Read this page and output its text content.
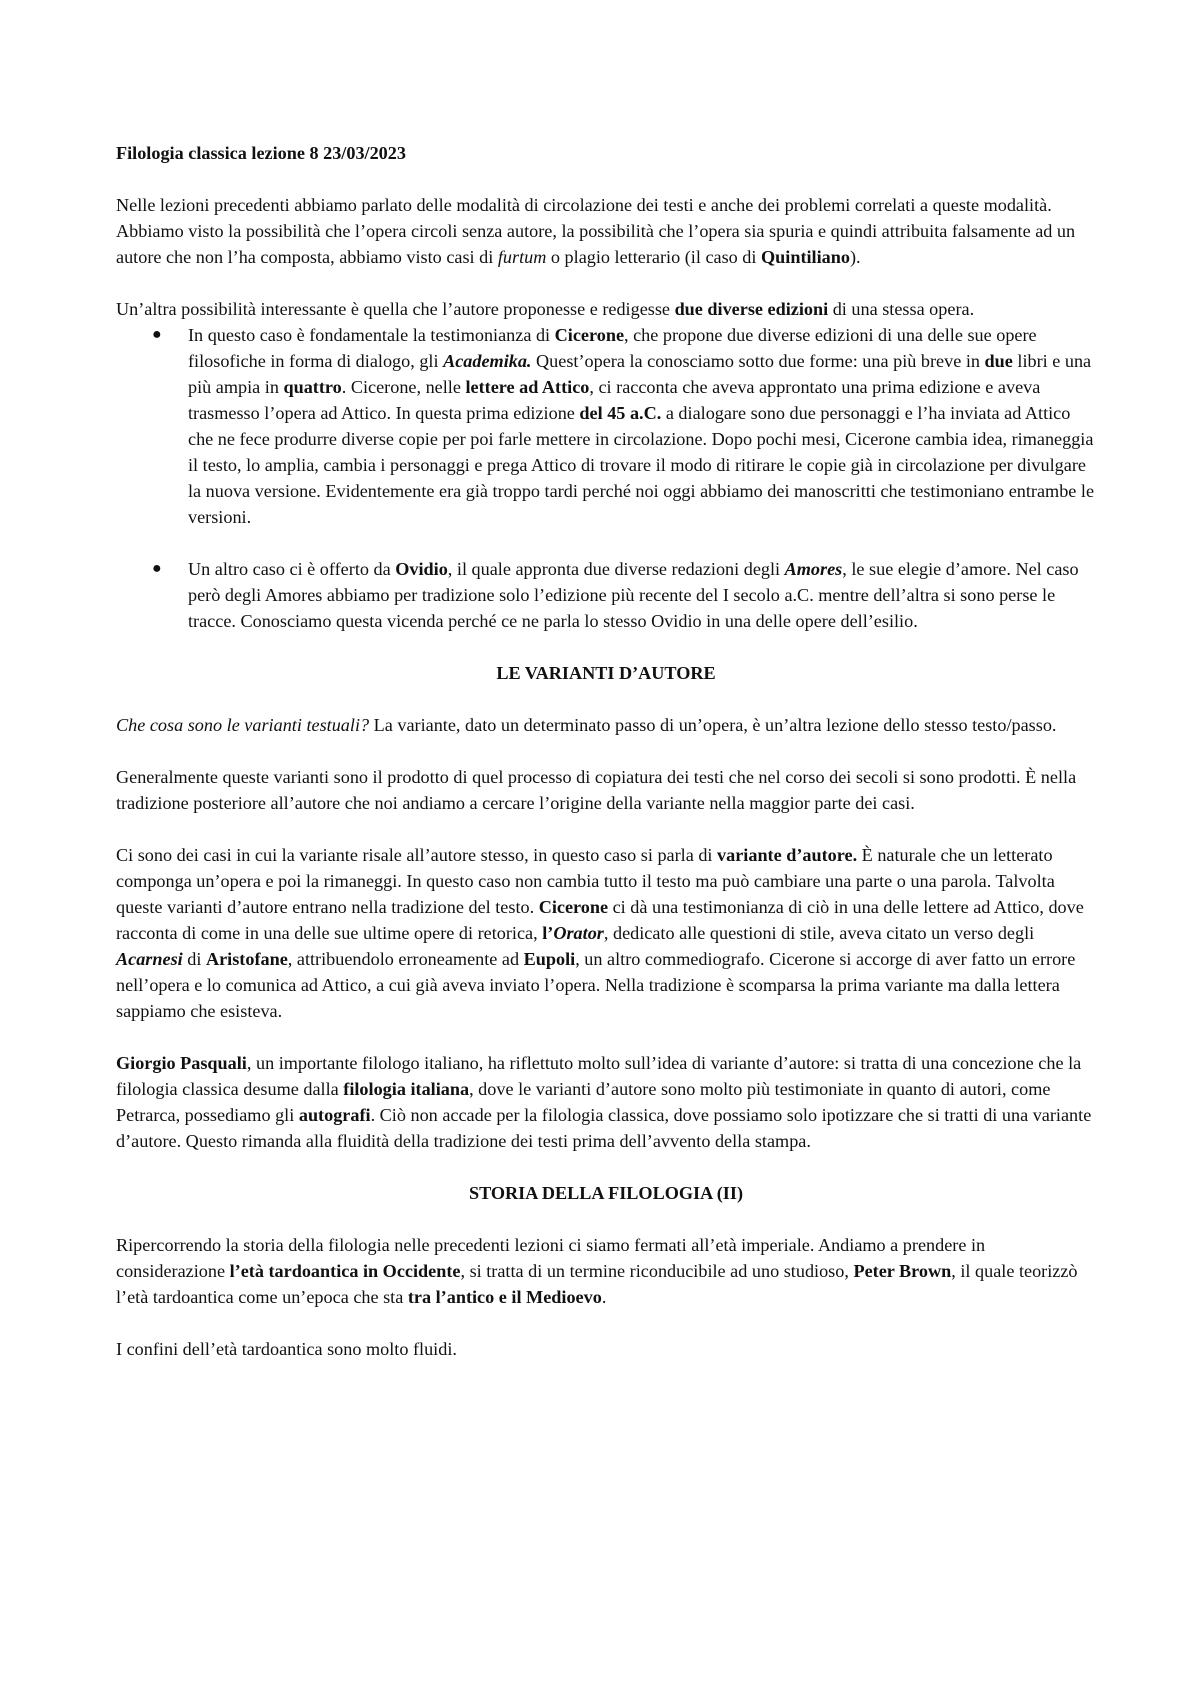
Filologia classica lezione 8 23/03/2023

Nelle lezioni precedenti abbiamo parlato delle modalità di circolazione dei testi e anche dei problemi correlati a queste modalità. Abbiamo visto la possibilità che l’opera circoli senza autore, la possibilità che l’opera sia spuria e quindi attribuita falsamente ad un autore che non l’ha composta, abbiamo visto casi di furtum o plagio letterario (il caso di Quintiliano).

Un’altra possibilità interessante è quella che l’autore proponesse e redigesse due diverse edizioni di una stessa opera.

● In questo caso è fondamentale la testimonianza di Cicerone, che propone due diverse edizioni di una delle sue opere filosofiche in forma di dialogo, gli Academika. Quest’opera la conosciamo sotto due forme: una più breve in due libri e una più ampia in quattro. Cicerone, nelle lettere ad Attico, ci racconta che aveva approntato una prima edizione e aveva trasmesso l’opera ad Attico. In questa prima edizione del 45 a.C. a dialogare sono due personaggi e l’ha inviata ad Attico che ne fece produrre diverse copie per poi farle mettere in circolazione. Dopo pochi mesi, Cicerone cambia idea, rimaneggia il testo, lo amplia, cambia i personaggi e prega Attico di trovare il modo di ritirare le copie già in circolazione per divulgare la nuova versione. Evidentemente era già troppo tardi perché noi oggi abbiamo dei manoscritti che testimoniano entrambe le versioni.
● Un altro caso ci è offerto da Ovidio, il quale appronta due diverse redazioni degli Amores, le sue elegie d’amore. Nel caso però degli Amores abbiamo per tradizione solo l’edizione più recente del I secolo a.C. mentre dell’altra si sono perse le tracce. Conosciamo questa vicenda perché ce ne parla lo stesso Ovidio in una delle opere dell’esilio.

LE VARIANTI D’AUTORE

Che cosa sono le varianti testuali? La variante, dato un determinato passo di un’opera, è un’altra lezione dello stesso testo/passo.

Generalmente queste varianti sono il prodotto di quel processo di copiatura dei testi che nel corso dei secoli si sono prodotti. È nella tradizione posteriore all’autore che noi andiamo a cercare l’origine della variante nella maggior parte dei casi.

Ci sono dei casi in cui la variante risale all’autore stesso, in questo caso si parla di variante d’autore. È naturale che un letterato componga un’opera e poi la rimaneggi. In questo caso non cambia tutto il testo ma può cambiare una parte o una parola. Talvolta queste varianti d’autore entrano nella tradizione del testo. Cicerone ci dà una testimonianza di ciò in una delle lettere ad Attico, dove racconta di come in una delle sue ultime opere di retorica, l’Orator, dedicato alle questioni di stile, aveva citato un verso degli Acarnesi di Aristofane, attribuendolo erroneamente ad Eupoli, un altro commediografo. Cicerone si accorge di aver fatto un errore nell’opera e lo comunica ad Attico, a cui già aveva inviato l’opera. Nella tradizione è scomparsa la prima variante ma dalla lettera sappiamo che esisteva.

Giorgio Pasquali, un importante filologo italiano, ha riflettuto molto sull’idea di variante d’autore: si tratta di una concezione che la filologia classica desume dalla filologia italiana, dove le varianti d’autore sono molto più testimoniate in quanto di autori, come Petrarca, possediamo gli autografi. Ciò non accade per la filologia classica, dove possiamo solo ipotizzare che si tratti di una variante d’autore. Questo rimanda alla fluidità della tradizione dei testi prima dell’avvento della stampa.

STORIA DELLA FILOLOGIA (II)

Ripercorrendo la storia della filologia nelle precedenti lezioni ci siamo fermati all’età imperiale. Andiamo a prendere in considerazione l’età tardoantica in Occidente, si tratta di un termine riconducibile ad uno studioso, Peter Brown, il quale teorizzò l’età tardoantica come un’epoca che sta tra l’antico e il Medioevo.

I confini dell’età tardoantica sono molto fluidi.
